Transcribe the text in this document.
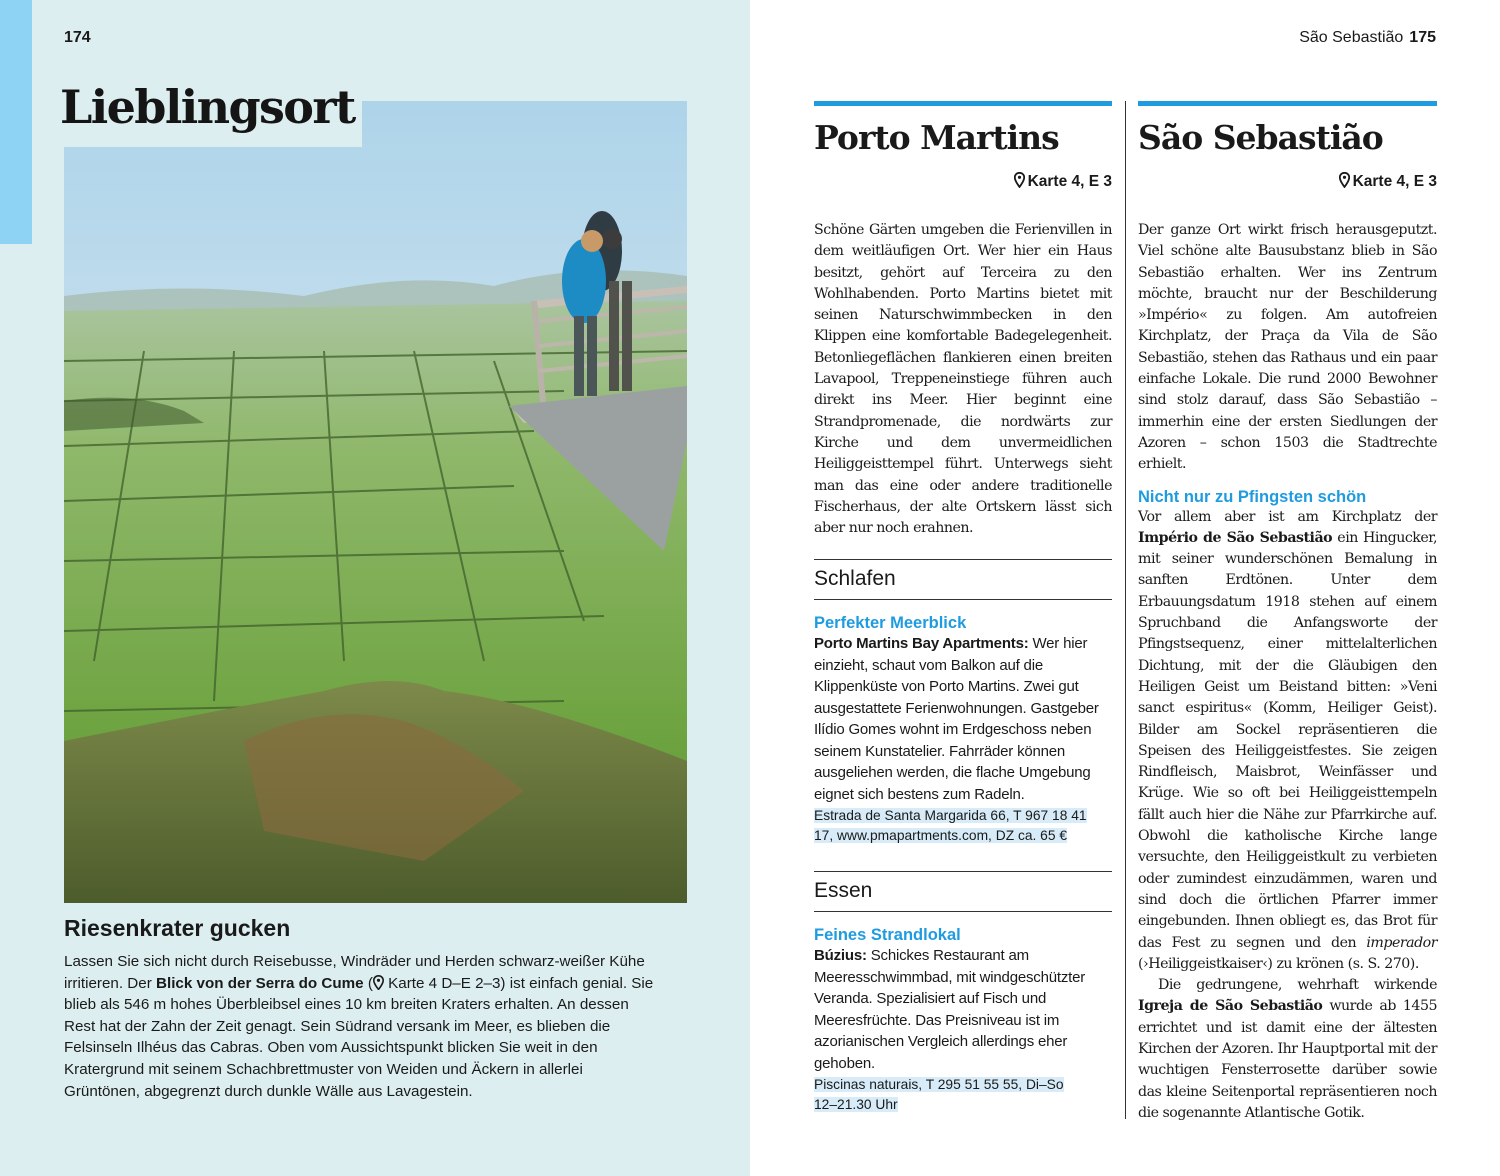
174
Lieblingsort
Riesenkrater gucken
Lassen Sie sich nicht durch Reisebusse, Windräder und Herden schwarz-weißer Kühe irritieren. Der Blick von der Serra do Cume ( Karte 4 D–E 2–3) ist einfach genial. Sie blieb als 546 m hohes Überbleibsel eines 10 km breiten Kraters erhalten. An dessen Rest hat der Zahn der Zeit genagt. Sein Südrand versank im Meer, es blieben die Felsinseln Ilhéus das Cabras. Oben vom Aussichtspunkt blicken Sie weit in den Kratergrund mit seinem Schachbrettmuster von Weiden und Äckern in allerlei Grüntönen, abgegrenzt durch dunkle Wälle aus Lavagestein.
São Sebastião 175
Porto Martins
Karte 4, E 3
Schöne Gärten umgeben die Ferienvillen in dem weitläufigen Ort. Wer hier ein Haus besitzt, gehört auf Terceira zu den Wohlhabenden. Porto Martins bietet mit seinen Naturschwimmbecken in den Klippen eine komfortable Badegelegenheit. Betonliegeflächen flankieren einen breiten Lavapool, Treppeneinstiege führen auch direkt ins Meer. Hier beginnt eine Strandpromenade, die nordwärts zur Kirche und dem unvermeidlichen Heiliggeisttempel führt. Unterwegs sieht man das eine oder andere traditionelle Fischerhaus, der alte Ortskern lässt sich aber nur noch erahnen.
Schlafen
Perfekter Meerblick
Porto Martins Bay Apartments: Wer hier einzieht, schaut vom Balkon auf die Klippenküste von Porto Martins. Zwei gut ausgestattete Ferienwohnungen. Gastgeber Ilídio Gomes wohnt im Erdgeschoss neben seinem Kunstatelier. Fahrräder können ausgeliehen werden, die flache Umgebung eignet sich bestens zum Radeln.
Estrada de Santa Margarida 66, T 967 18 41 17, www.pmapartments.com, DZ ca. 65 €
Essen
Feines Strandlokal
Búzius: Schickes Restaurant am Meeresschwimmbad, mit windgeschützter Veranda. Spezialisiert auf Fisch und Meeresfrüchte. Das Preisniveau ist im azorianischen Vergleich allerdings eher gehoben.
Piscinas naturais, T 295 51 55 55, Di–So 12–21.30 Uhr
São Sebastião
Karte 4, E 3
Der ganze Ort wirkt frisch herausgeputzt. Viel schöne alte Bausubstanz blieb in São Sebastião erhalten. Wer ins Zentrum möchte, braucht nur der Beschilderung »Império« zu folgen. Am autofreien Kirchplatz, der Praça da Vila de São Sebastião, stehen das Rathaus und ein paar einfache Lokale. Die rund 2000 Bewohner sind stolz darauf, dass São Sebastião – immerhin eine der ersten Siedlungen der Azoren – schon 1503 die Stadtrechte erhielt.
Nicht nur zu Pfingsten schön

Vor allem aber ist am Kirchplatz der Império de São Sebastião ein Hingucker, mit seiner wunderschönen Bemalung in sanften Erdtönen. Unter dem Erbauungsdatum 1918 stehen auf einem Spruchband die Anfangsworte der Pfingstsequenz, einer mittelalterlichen Dichtung, mit der die Gläubigen den Heiligen Geist um Beistand bitten: »Veni sanct espiritus« (Komm, Heiliger Geist). Bilder am Sockel repräsentieren die Speisen des Heiliggeistfestes. Sie zeigen Rindfleisch, Maisbrot, Weinfässer und Krüge. Wie so oft bei Heiliggeisttempeln fällt auch hier die Nähe zur Pfarrkirche auf. Obwohl die katholische Kirche lange versuchte, den Heiliggeistkult zu verbieten oder zumindest einzudämmen, waren und sind doch die örtlichen Pfarrer immer eingebunden. Ihnen obliegt es, das Brot für das Fest zu segnen und den imperador (›Heiliggeistkaiser‹) zu krönen (s. S. 270).

Die gedrungene, wehrhaft wirkende Igreja de São Sebastião wurde ab 1455 errichtet und ist damit eine der ältesten Kirchen der Azoren. Ihr Hauptportal mit der wuchtigen Fensterrosette darüber sowie das kleine Seitenportal repräsentieren noch die sogenannte Atlantische Gotik.
